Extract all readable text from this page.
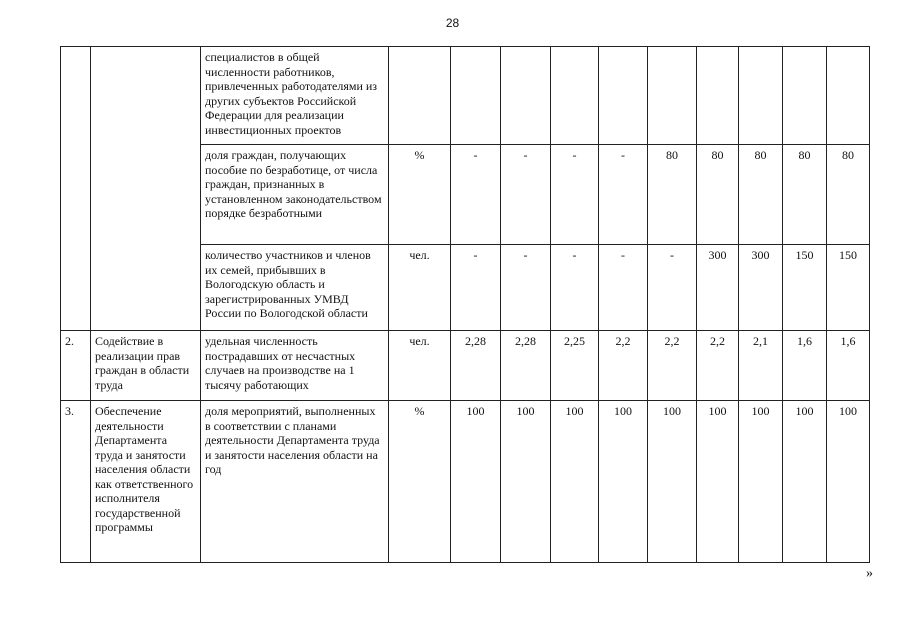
28
		специалистов в общей численности работников, привлеченных работодателями из других субъектов Российской Федерации для реализации инвестиционных проектов										
		доля граждан, получающих пособие по безработице, от числа граждан, признанных в установленном законодательством порядке безработными	%	-	-	-	-	80	80	80	80	80
		количество участников и членов их семей, прибывших в Вологодскую область и зарегистрированных УМВД России по Вологодской области	чел.	-	-	-	-	-	300	300	150	150
2.	Содействие в реализации прав граждан в области труда	удельная численность пострадавших от несчастных случаев на производстве на 1 тысячу работающих	чел.	2,28	2,28	2,25	2,2	2,2	2,2	2,1	1,6	1,6
3.	Обеспечение деятельности Департамента труда и занятости населения области как ответственного исполнителя государственной программы	доля мероприятий, выполненных в соответствии с планами деятельности Департамента труда и занятости населения области на год	%	100	100	100	100	100	100	100	100	100
»
